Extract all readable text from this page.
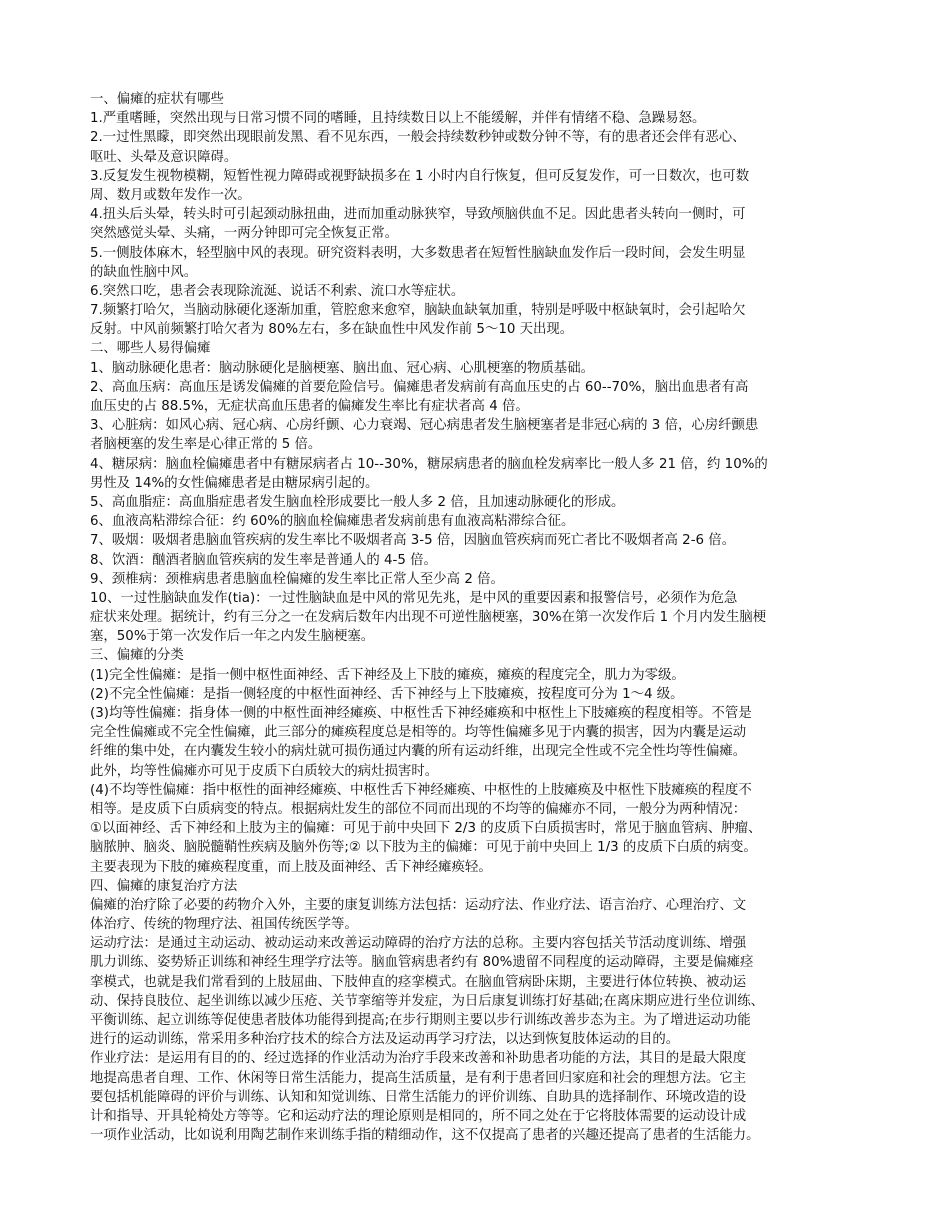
一、偏瘫的症状有哪些
1.严重嗜睡，突然出现与日常习惯不同的嗜睡，且持续数日以上不能缓解，并伴有情绪不稳、急躁易怒。
2.一过性黑矇，即突然出现眼前发黑、看不见东西，一般会持续数秒钟或数分钟不等，有的患者还会伴有恶心、
呕吐、头晕及意识障碍。
3.反复发生视物模糊，短暂性视力障碍或视野缺损多在 1 小时内自行恢复，但可反复发作，可一日数次，也可数
周、数月或数年发作一次。
4.扭头后头晕，转头时可引起颈动脉扭曲，进而加重动脉狭窄，导致颅脑供血不足。因此患者头转向一侧时，可
突然感觉头晕、头痛，一两分钟即可完全恢复正常。
5.一侧肢体麻木，轻型脑中风的表现。研究资料表明，大多数患者在短暂性脑缺血发作后一段时间，会发生明显
的缺血性脑中风。
6.突然口吃，患者会表现除流涎、说话不利索、流口水等症状。
7.频繁打哈欠，当脑动脉硬化逐渐加重，管腔愈来愈窄，脑缺血缺氧加重，特别是呼吸中枢缺氧时，会引起哈欠
反射。中风前频繁打哈欠者为 80%左右，多在缺血性中风发作前 5～10 天出现。
二、哪些人易得偏瘫
1、脑动脉硬化患者：脑动脉硬化是脑梗塞、脑出血、冠心病、心肌梗塞的物质基础。
2、高血压病：高血压是诱发偏瘫的首要危险信号。偏瘫患者发病前有高血压史的占 60--70%，脑出血患者有高
血压史的占 88.5%，无症状高血压患者的偏瘫发生率比有症状者高 4 倍。
3、心脏病：如风心病、冠心病、心房纤颤、心力衰竭、冠心病患者发生脑梗塞者是非冠心病的 3 倍，心房纤颤患
者脑梗塞的发生率是心律正常的 5 倍。
4、糖尿病：脑血栓偏瘫患者中有糖尿病者占 10--30%，糖尿病患者的脑血栓发病率比一般人多 21 倍，约 10%的
男性及 14%的女性偏瘫患者是由糖尿病引起的。
5、高血脂症：高血脂症患者发生脑血栓形成要比一般人多 2 倍，且加速动脉硬化的形成。
6、血液高粘滞综合征：约 60%的脑血栓偏瘫患者发病前患有血液高粘滞综合征。
7、吸烟：吸烟者患脑血管疾病的发生率比不吸烟者高 3-5 倍，因脑血管疾病而死亡者比不吸烟者高 2-6 倍。
8、饮酒：酗酒者脑血管疾病的发生率是普通人的 4-5 倍。
9、颈椎病：颈椎病患者患脑血栓偏瘫的发生率比正常人至少高 2 倍。
10、一过性脑缺血发作(tia)：一过性脑缺血是中风的常见先兆，是中风的重要因素和报警信号，必须作为危急
症状来处理。据统计，约有三分之一在发病后数年内出现不可逆性脑梗塞，30%在第一次发作后 1 个月内发生脑梗
塞，50%于第一次发作后一年之内发生脑梗塞。
三、偏瘫的分类
(1)完全性偏瘫：是指一侧中枢性面神经、舌下神经及上下肢的瘫痪，瘫痪的程度完全，肌力为零级。
(2)不完全性偏瘫：是指一侧轻度的中枢性面神经、舌下神经与上下肢瘫痪，按程度可分为 1～4 级。
(3)均等性偏瘫：指身体一侧的中枢性面神经瘫痪、中枢性舌下神经瘫痪和中枢性上下肢瘫痪的程度相等。不管是
完全性偏瘫或不完全性偏瘫，此三部分的瘫痪程度总是相等的。均等性偏瘫多见于内囊的损害，因为内囊是运动
纤维的集中处，在内囊发生较小的病灶就可损伤通过内囊的所有运动纤维，出现完全性或不完全性均等性偏瘫。
此外，均等性偏瘫亦可见于皮质下白质较大的病灶损害时。
(4)不均等性偏瘫：指中枢性的面神经瘫痪、中枢性舌下神经瘫痪、中枢性的上肢瘫痪及中枢性下肢瘫痪的程度不
相等。是皮质下白质病变的特点。根据病灶发生的部位不同而出现的不均等的偏瘫亦不同，一般分为两种情况：
①以面神经、舌下神经和上肢为主的偏瘫：可见于前中央回下 2/3 的皮质下白质损害时，常见于脑血管病、肿瘤、
脑脓肿、脑炎、脑脱髓鞘性疾病及脑外伤等;② 以下肢为主的偏瘫：可见于前中央回上 1/3 的皮质下白质的病变。
主要表现为下肢的瘫痪程度重，而上肢及面神经、舌下神经瘫痪轻。
四、偏瘫的康复治疗方法
偏瘫的治疗除了必要的药物介入外，主要的康复训练方法包括：运动疗法、作业疗法、语言治疗、心理治疗、文
体治疗、传统的物理疗法、祖国传统医学等。
运动疗法：是通过主动运动、被动运动来改善运动障碍的治疗方法的总称。主要内容包括关节活动度训练、增强
肌力训练、姿势矫正训练和神经生理学疗法等。脑血管病患者约有 80%遗留不同程度的运动障碍，主要是偏瘫痉
挛模式，也就是我们常看到的上肢屈曲、下肢伸直的痉挛模式。在脑血管病卧床期，主要进行体位转换、被动运
动、保持良肢位、起坐训练以减少压疮、关节挛缩等并发症，为日后康复训练打好基础;在离床期应进行坐位训练、
平衡训练、起立训练等促使患者肢体功能得到提高;在步行期则主要以步行训练改善步态为主。为了增进运动功能
进行的运动训练，常采用多种治疗技术的综合方法及运动再学习疗法，以达到恢复肢体运动的目的。
作业疗法：是运用有目的的、经过选择的作业活动为治疗手段来改善和补助患者功能的方法，其目的是最大限度
地提高患者自理、工作、休闲等日常生活能力，提高生活质量，是有利于患者回归家庭和社会的理想方法。它主
要包括机能障碍的评价与训练、认知和知觉训练、日常生活能力的评价训练、自助具的选择制作、环境改造的设
计和指导、开具轮椅处方等等。它和运动疗法的理论原则是相同的，所不同之处在于它将肢体需要的运动设计成
一项作业活动，比如说利用陶艺制作来训练手指的精细动作，这不仅提高了患者的兴趣还提高了患者的生活能力。
